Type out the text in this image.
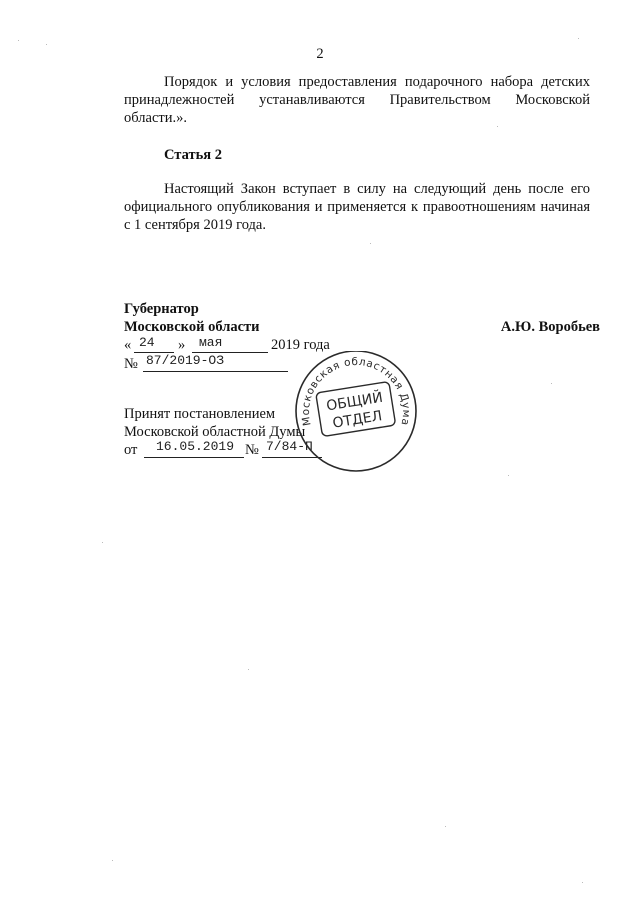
2
Порядок и условия предоставления подарочного набора детских принадлежностей устанавливаются Правительством Московской области.».
Статья 2
Настоящий Закон вступает в силу на следующий день после его официального опубликования и применяется к правоотношениям начиная с 1 сентября 2019 года.
Губернатор
Московской области	А.Ю. Воробьев
« 24 » мая	2019 года
№ 87/2019-ОЗ
Принят постановлением
Московской областной Думы
от 16.05.2019 № 7/84-П
Московская областная Дума
ОБЩИЙ
ОТДЕЛ
